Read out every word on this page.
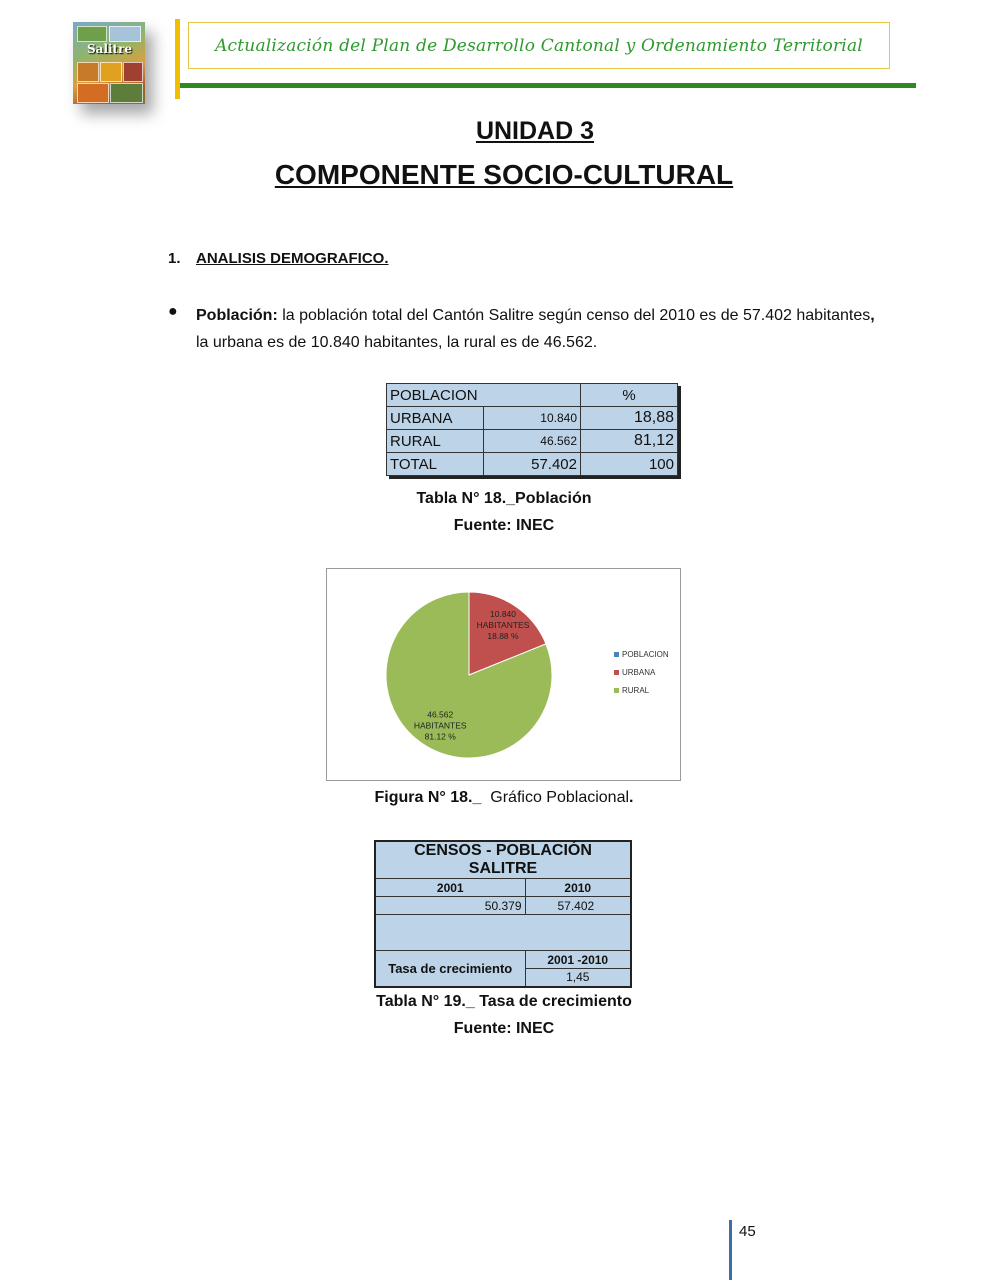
Salitre	Actualización del Plan de Desarrollo Cantonal y Ordenamiento Territorial
UNIDAD 3
COMPONENTE SOCIO-CULTURAL
1. ANALISIS DEMOGRAFICO.
● Población: la población total del Cantón Salitre según censo del 2010 es de 57.402 habitantes, la urbana es de 10.840 habitantes, la rural es de 46.562.
POBLACION		%
URBANA	10.840	18,88
RURAL	46.562	81,12
TOTAL	57.402	100
Tabla N° 18._Población
Fuente: INEC
10.840 HABITANTES 18.88 %
46.562 HABITANTES 81.12 %
POBLACION
URBANA
RURAL
Figura N° 18._  Gráfico Poblacional.
CENSOS - POBLACIÓN SALITRE	
2001	2010
50.379	57.402

Tasa de crecimiento	2001 -2010
	1,45
Tabla N° 19._ Tasa de crecimiento
Fuente: INEC
45
